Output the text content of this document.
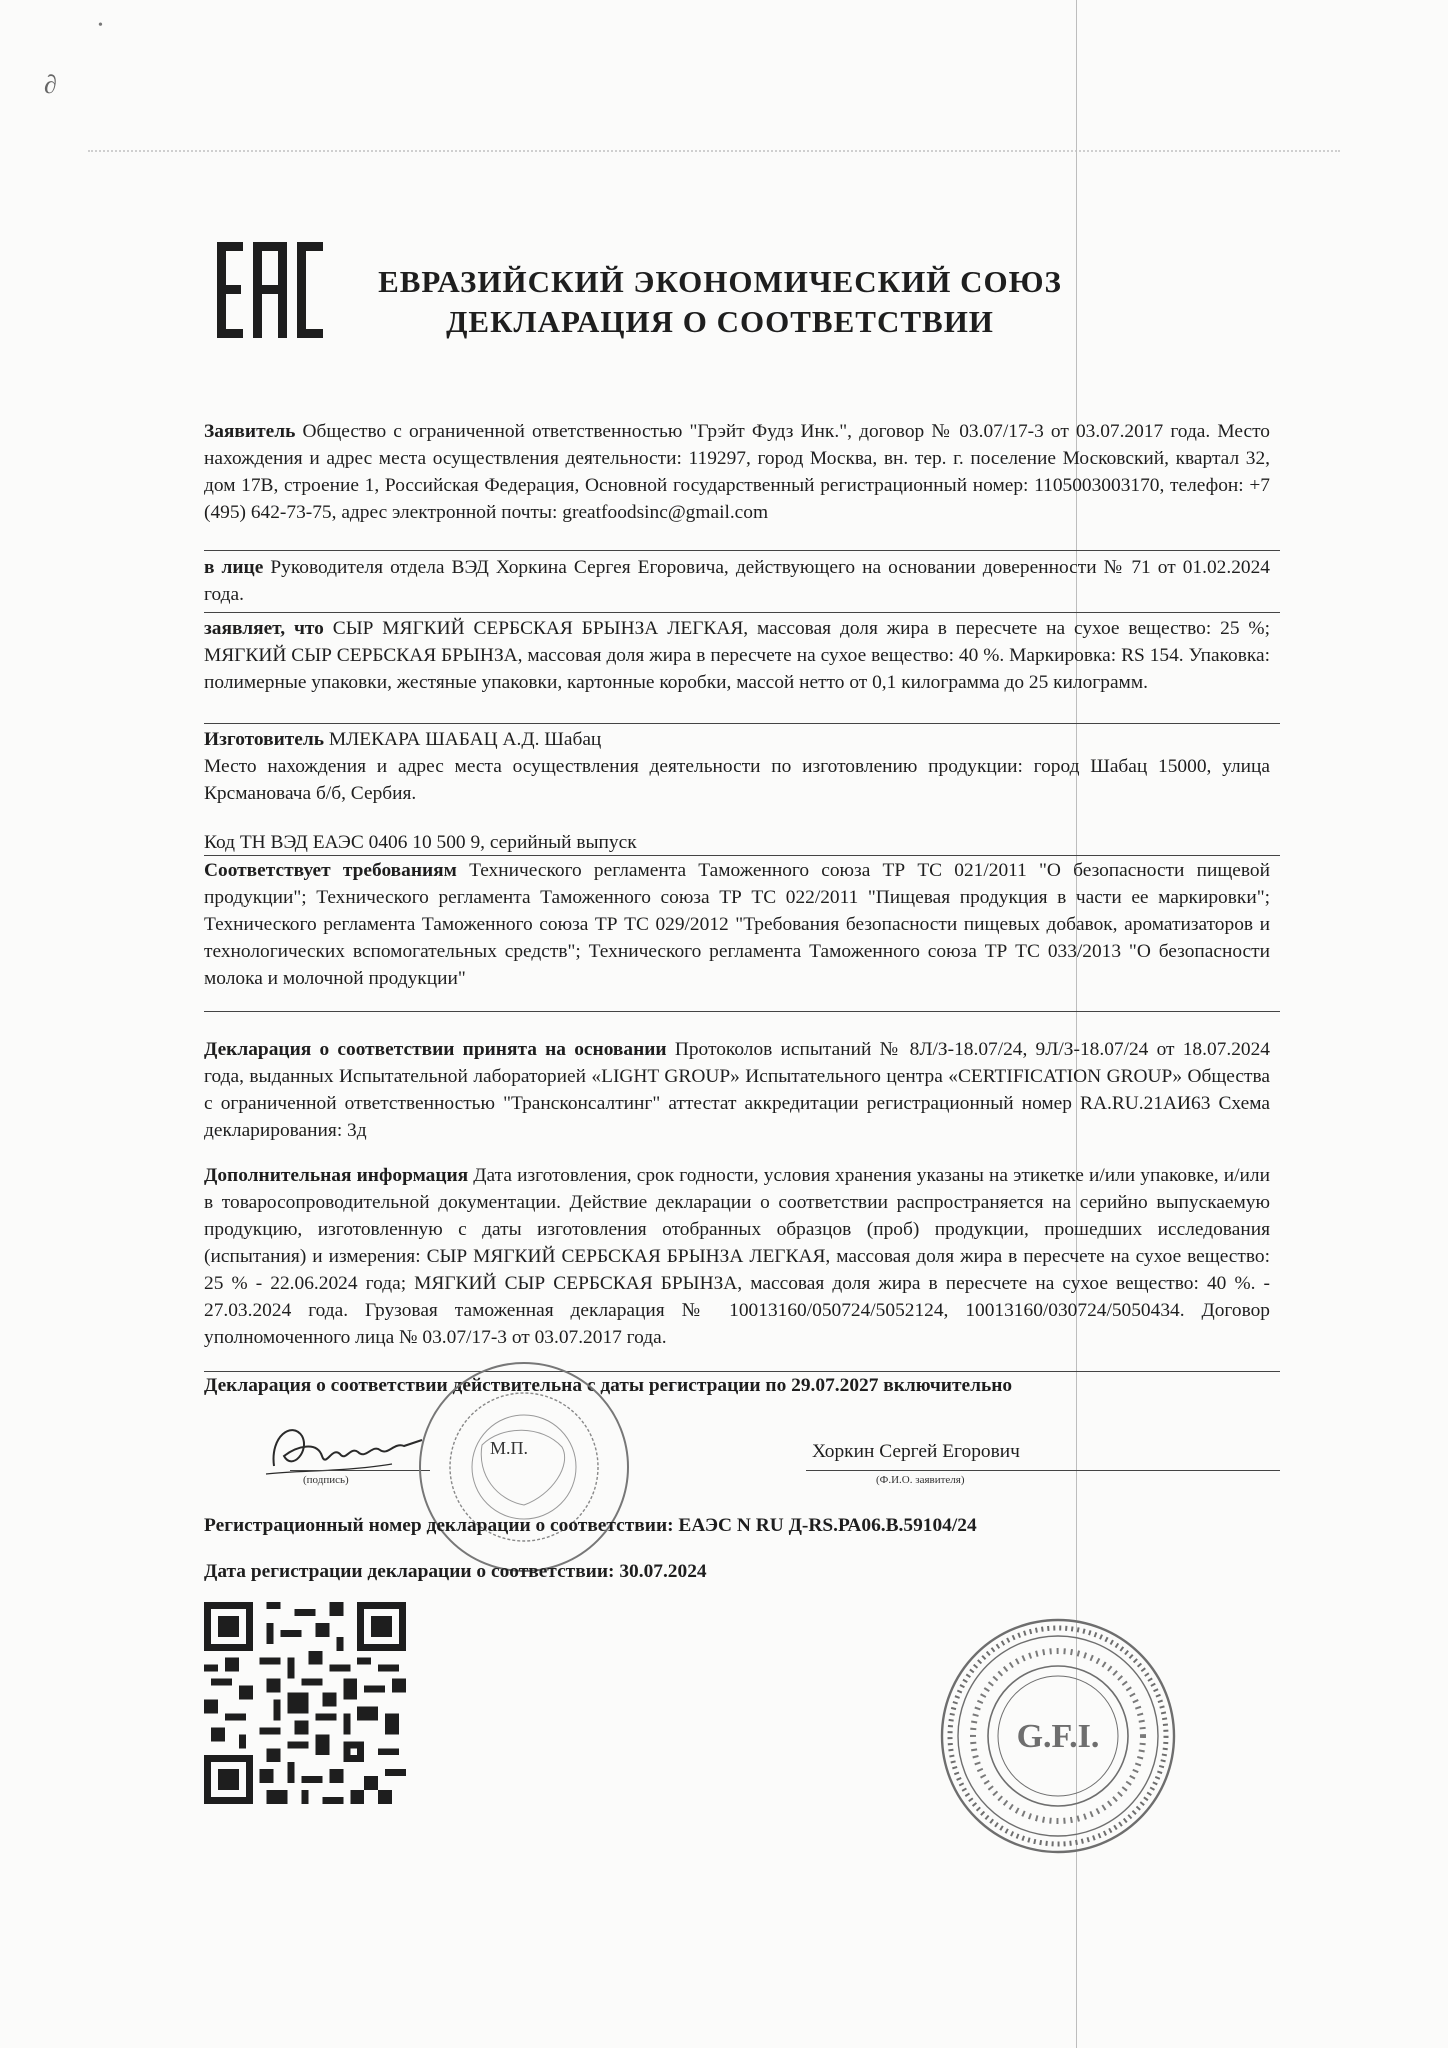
•
∂
ЕВРАЗИЙСКИЙ ЭКОНОМИЧЕСКИЙ СОЮЗ
ДЕКЛАРАЦИЯ О СООТВЕТСТВИИ
Заявитель Общество с ограниченной ответственностью "Грэйт Фудз Инк.", договор № 03.07/17-3 от 03.07.2017 года. Место нахождения и адрес места осуществления деятельности: 119297, город Москва, вн. тер. г. поселение Московский, квартал 32, дом 17В, строение 1, Российская Федерация, Основной государственный регистрационный номер: 1105003003170, телефон: +7 (495) 642-73-75, адрес электронной почты: greatfoodsinc@gmail.com
в лице Руководителя отдела ВЭД Хоркина Сергея Егоровича, действующего на основании доверенности № 71 от 01.02.2024 года.
заявляет, что СЫР МЯГКИЙ СЕРБСКАЯ БРЫНЗА ЛЕГКАЯ, массовая доля жира в пересчете на сухое вещество: 25 %; МЯГКИЙ СЫР СЕРБСКАЯ БРЫНЗА, массовая доля жира в пересчете на сухое вещество: 40 %. Маркировка: RS 154. Упаковка: полимерные упаковки, жестяные упаковки, картонные коробки, массой нетто от 0,1 килограмма до 25 килограмм.
Изготовитель МЛЕКАРА ШАБАЦ А.Д. Шабац
Место нахождения и адрес места осуществления деятельности по изготовлению продукции: город Шабац 15000, улица Крсмановача б/б, Сербия.
Код ТН ВЭД ЕАЭС 0406 10 500 9, серийный выпуск
Соответствует требованиям Технического регламента Таможенного союза ТР ТС 021/2011 "О безопасности пищевой продукции"; Технического регламента Таможенного союза ТР ТС 022/2011 "Пищевая продукция в части ее маркировки"; Технического регламента Таможенного союза ТР ТС 029/2012 "Требования безопасности пищевых добавок, ароматизаторов и технологических вспомогательных средств"; Технического регламента Таможенного союза ТР ТС 033/2013 "О безопасности молока и молочной продукции"
Декларация о соответствии принята на основании Протоколов испытаний № 8Л/З-18.07/24, 9Л/З-18.07/24 от 18.07.2024 года, выданных Испытательной лабораторией «LIGHT GROUP» Испытательного центра «CERTIFICATION GROUP» Общества с ограниченной ответственностью "Трансконсалтинг" аттестат аккредитации регистрационный номер RA.RU.21АИ63 Схема декларирования: 3д
Дополнительная информация Дата изготовления, срок годности, условия хранения указаны на этикетке и/или упаковке, и/или в товаросопроводительной документации. Действие декларации о соответствии распространяется на серийно выпускаемую продукцию, изготовленную с даты изготовления отобранных образцов (проб) продукции, прошедших исследования (испытания) и измерения: СЫР МЯГКИЙ СЕРБСКАЯ БРЫНЗА ЛЕГКАЯ, массовая доля жира в пересчете на сухое вещество: 25 % - 22.06.2024 года; МЯГКИЙ СЫР СЕРБСКАЯ БРЫНЗА, массовая доля жира в пересчете на сухое вещество: 40 %. - 27.03.2024 года. Грузовая таможенная декларация № 10013160/050724/5052124, 10013160/030724/5050434. Договор уполномоченного лица № 03.07/17-3 от 03.07.2017 года.
Декларация о соответствии действительна с даты регистрации по 29.07.2027 включительно
(подпись)
М.П.	Хоркин Сергей Егорович
(Ф.И.О. заявителя)
Регистрационный номер декларации о соответствии: ЕАЭС N RU Д-RS.РА06.В.59104/24
Дата регистрации декларации о соответствии: 30.07.2024
G.F.I.
